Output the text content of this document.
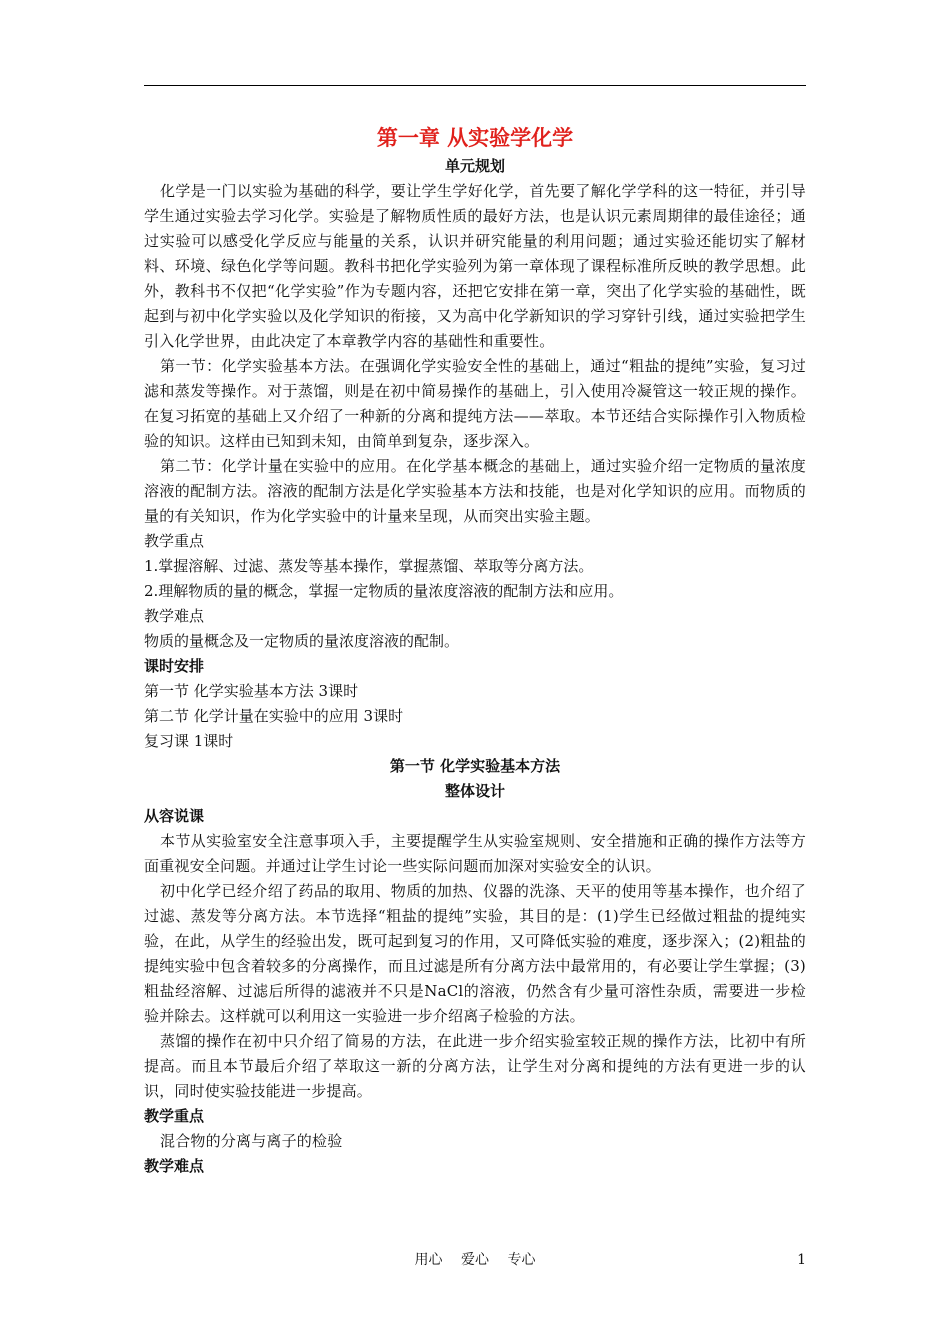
第一章 从实验学化学
单元规划

化学是一门以实验为基础的科学，要让学生学好化学，首先要了解化学学科的这一特征，并引导学生通过实验去学习化学。实验是了解物质性质的最好方法，也是认识元素周期律的最佳途径；通过实验可以感受化学反应与能量的关系，认识并研究能量的利用问题；通过实验还能切实了解材料、环境、绿色化学等问题。教科书把化学实验列为第一章体现了课程标准所反映的教学思想。此外，教科书不仅把“化学实验”作为专题内容，还把它安排在第一章，突出了化学实验的基础性，既起到与初中化学实验以及化学知识的衔接，又为高中化学新知识的学习穿针引线，通过实验把学生引入化学世界，由此决定了本章教学内容的基础性和重要性。

第一节：化学实验基本方法。在强调化学实验安全性的基础上，通过“粗盐的提纯”实验，复习过滤和蒸发等操作。对于蒸馏，则是在初中简易操作的基础上，引入使用冷凝管这一较正规的操作。在复习拓宽的基础上又介绍了一种新的分离和提纯方法——萃取。本节还结合实际操作引入物质检验的知识。这样由已知到未知，由简单到复杂，逐步深入。

第二节：化学计量在实验中的应用。在化学基本概念的基础上，通过实验介绍一定物质的量浓度溶液的配制方法。溶液的配制方法是化学实验基本方法和技能，也是对化学知识的应用。而物质的量的有关知识，作为化学实验中的计量来呈现，从而突出实验主题。

教学重点
1.掌握溶解、过滤、蒸发等基本操作，掌握蒸馏、萃取等分离方法。
2.理解物质的量的概念，掌握一定物质的量浓度溶液的配制方法和应用。
教学难点
物质的量概念及一定物质的量浓度溶液的配制。
课时安排
第一节 化学实验基本方法 3课时
第二节 化学计量在实验中的应用 3课时
复习课 1课时
第一节 化学实验基本方法
整体设计
从容说课

本节从实验室安全注意事项入手，主要提醒学生从实验室规则、安全措施和正确的操作方法等方面重视安全问题。并通过让学生讨论一些实际问题而加深对实验安全的认识。

初中化学已经介绍了药品的取用、物质的加热、仪器的洗涤、天平的使用等基本操作，也介绍了过滤、蒸发等分离方法。本节选择“粗盐的提纯”实验，其目的是：(1)学生已经做过粗盐的提纯实验，在此，从学生的经验出发，既可起到复习的作用，又可降低实验的难度，逐步深入；(2)粗盐的提纯实验中包含着较多的分离操作，而且过滤是所有分离方法中最常用的，有必要让学生掌握；(3)粗盐经溶解、过滤后所得的滤液并不只是NaCl的溶液，仍然含有少量可溶性杂质，需要进一步检验并除去。这样就可以利用这一实验进一步介绍离子检验的方法。

蒸馏的操作在初中只介绍了简易的方法，在此进一步介绍实验室较正规的操作方法，比初中有所提高。而且本节最后介绍了萃取这一新的分离方法，让学生对分离和提纯的方法有更进一步的认识，同时使实验技能进一步提高。

教学重点

混合物的分离与离子的检验

教学难点
用心 爱心 专心	1
